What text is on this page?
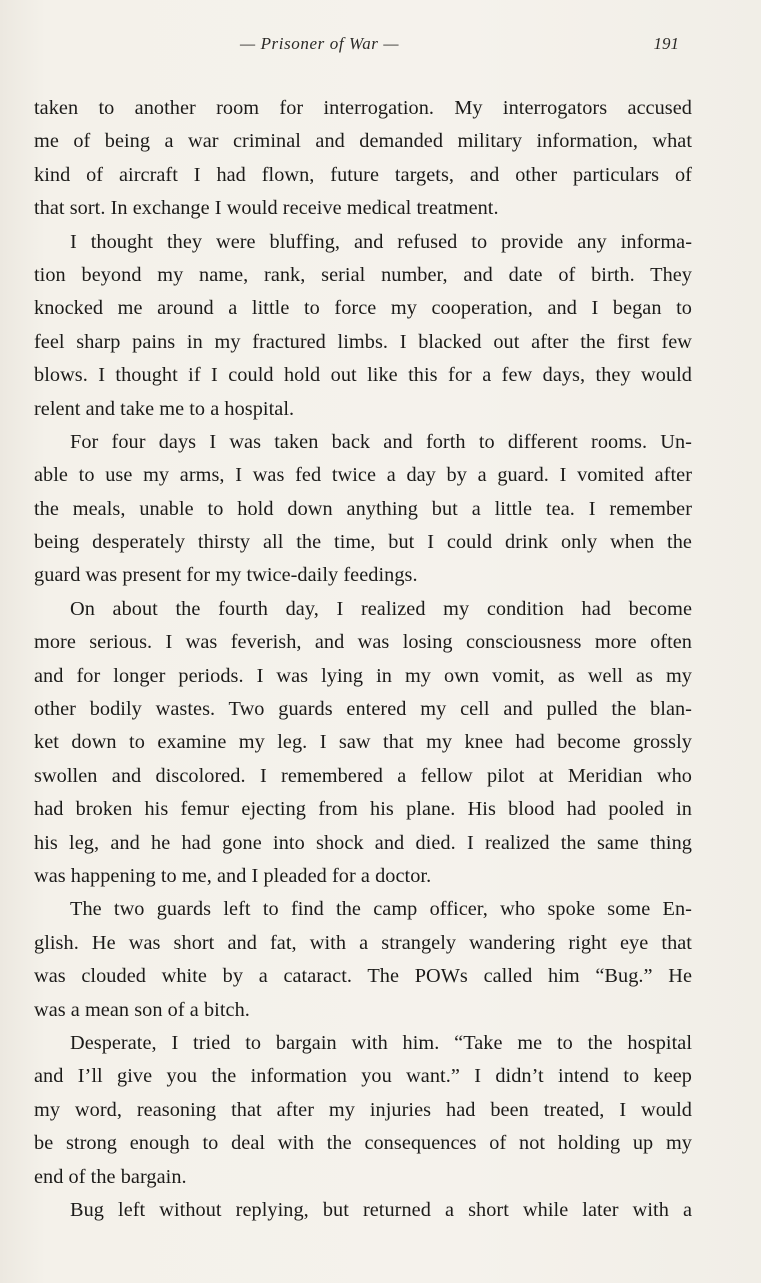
— Prisoner of War —	191
taken to another room for interrogation. My interrogators accused
me of being a war criminal and demanded military information, what
kind of aircraft I had flown, future targets, and other particulars of
that sort. In exchange I would receive medical treatment.
I thought they were bluffing, and refused to provide any informa-
tion beyond my name, rank, serial number, and date of birth. They
knocked me around a little to force my cooperation, and I began to
feel sharp pains in my fractured limbs. I blacked out after the first few
blows. I thought if I could hold out like this for a few days, they would
relent and take me to a hospital.
For four days I was taken back and forth to different rooms. Un-
able to use my arms, I was fed twice a day by a guard. I vomited after
the meals, unable to hold down anything but a little tea. I remember
being desperately thirsty all the time, but I could drink only when the
guard was present for my twice-daily feedings.
On about the fourth day, I realized my condition had become
more serious. I was feverish, and was losing consciousness more often
and for longer periods. I was lying in my own vomit, as well as my
other bodily wastes. Two guards entered my cell and pulled the blan-
ket down to examine my leg. I saw that my knee had become grossly
swollen and discolored. I remembered a fellow pilot at Meridian who
had broken his femur ejecting from his plane. His blood had pooled in
his leg, and he had gone into shock and died. I realized the same thing
was happening to me, and I pleaded for a doctor.
The two guards left to find the camp officer, who spoke some En-
glish. He was short and fat, with a strangely wandering right eye that
was clouded white by a cataract. The POWs called him “Bug.” He
was a mean son of a bitch.
Desperate, I tried to bargain with him. “Take me to the hospital
and I’ll give you the information you want.” I didn’t intend to keep
my word, reasoning that after my injuries had been treated, I would
be strong enough to deal with the consequences of not holding up my
end of the bargain.
Bug left without replying, but returned a short while later with a
